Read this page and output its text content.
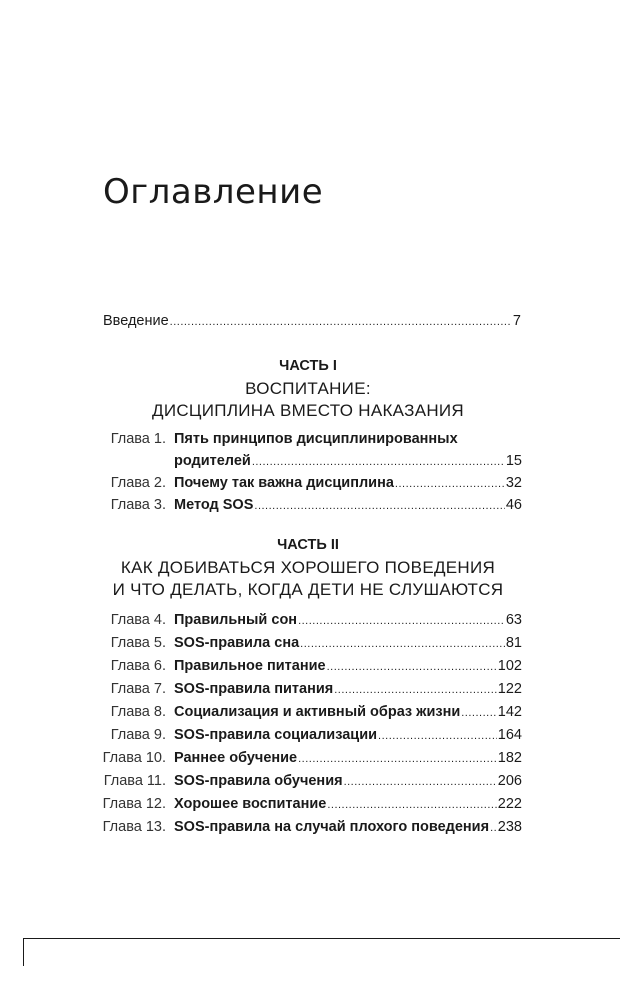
Оглавление
Введение .....	7
ЧАСТЬ I
ВОСПИТАНИЕ:
ДИСЦИПЛИНА ВМЕСТО НАКАЗАНИЯ
Глава 1. Пять принципов дисциплинированных
родителей .....	15
Глава 2. Почему так важна дисциплина .....	32
Глава 3. Метод SOS .....	46
ЧАСТЬ II
КАК ДОБИВАТЬСЯ ХОРОШЕГО ПОВЕДЕНИЯ
И ЧТО ДЕЛАТЬ, КОГДА ДЕТИ НЕ СЛУШАЮТСЯ
Глава 4. Правильный сон .....	63
Глава 5. SOS-правила сна .....	81
Глава 6. Правильное питание .....	102
Глава 7. SOS-правила питания .....	122
Глава 8. Социализация и активный образ жизни .....	142
Глава 9. SOS-правила социализации .....	164
Глава 10. Раннее обучение .....	182
Глава 11. SOS-правила обучения .....	206
Глава 12. Хорошее воспитание .....	222
Глава 13. SOS-правила на случай плохого поведения ..... 238
